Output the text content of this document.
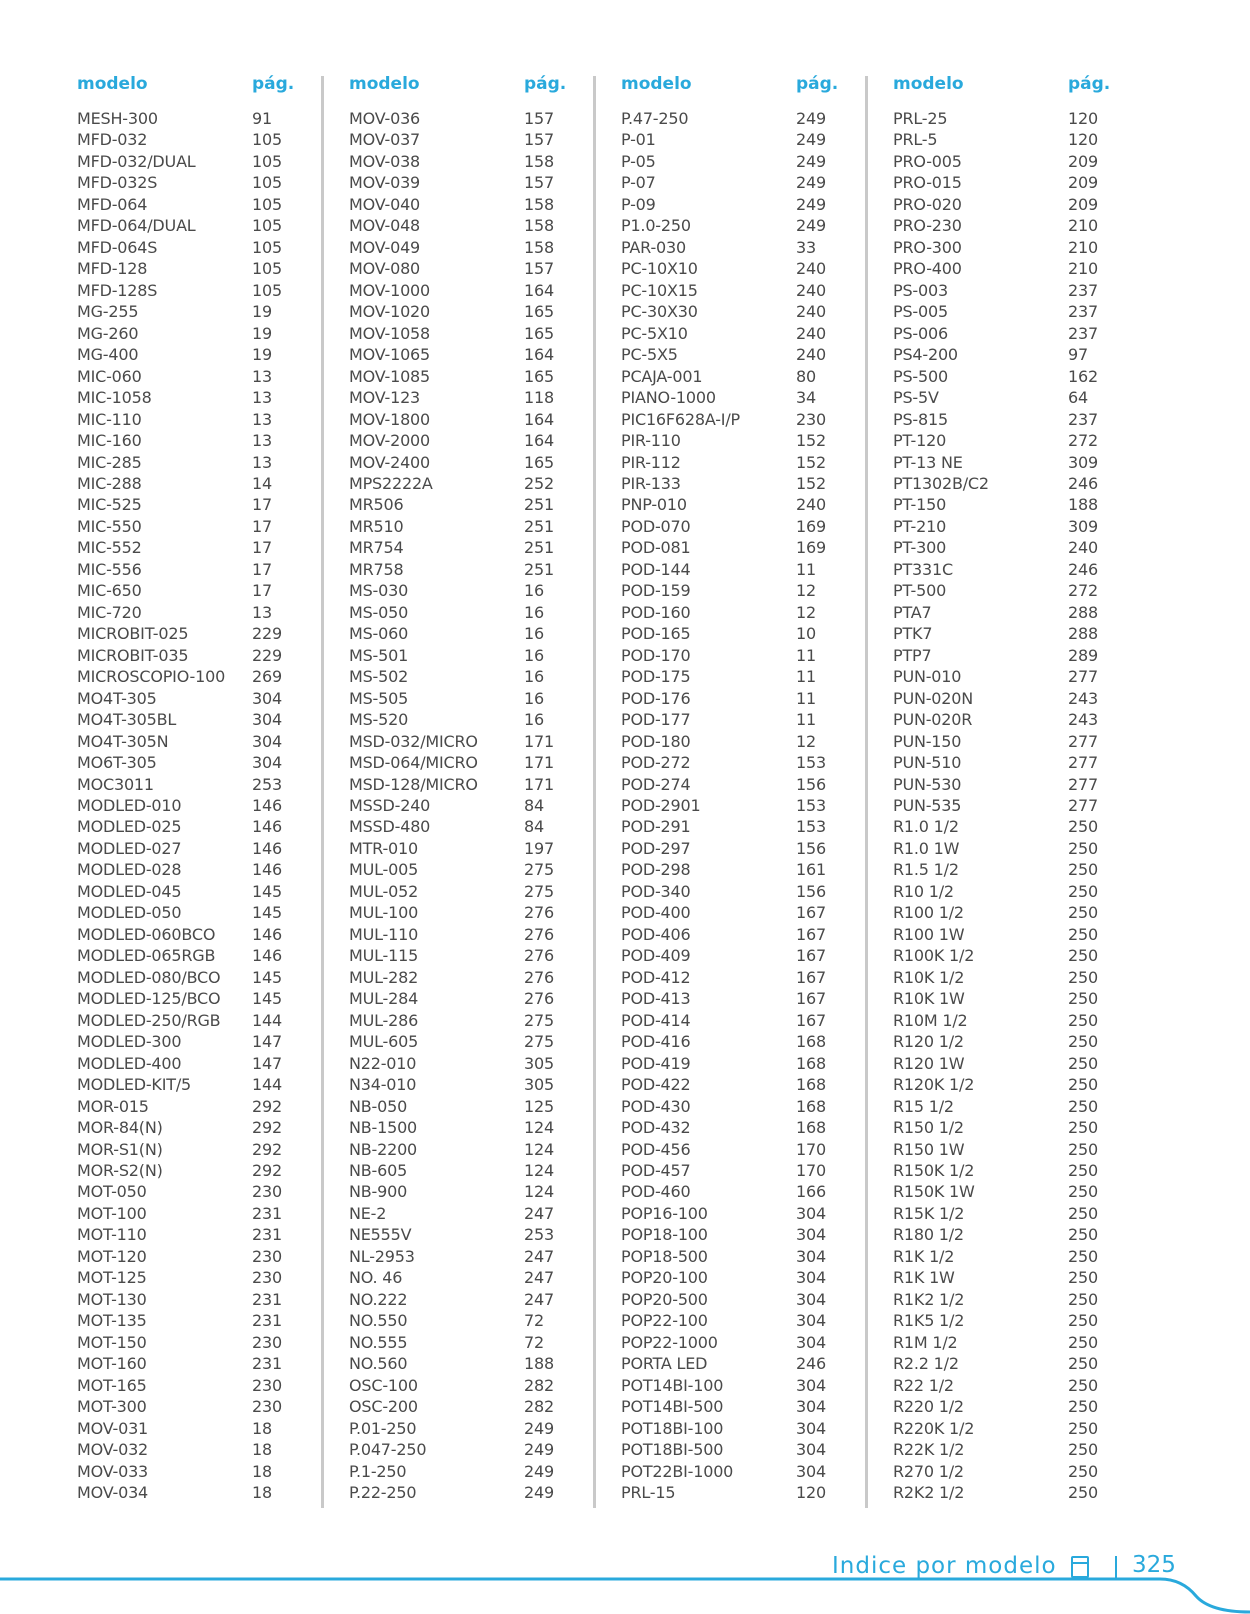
modelo	pág.
MESH-300	91
MFD-032	105
MFD-032/DUAL	105
MFD-032S	105
MFD-064	105
MFD-064/DUAL	105
MFD-064S	105
MFD-128	105
MFD-128S	105
MG-255	19
MG-260	19
MG-400	19
MIC-060	13
MIC-1058	13
MIC-110	13
MIC-160	13
MIC-285	13
MIC-288	14
MIC-525	17
MIC-550	17
MIC-552	17
MIC-556	17
MIC-650	17
MIC-720	13
MICROBIT-025	229
MICROBIT-035	229
MICROSCOPIO-100 269
MO4T-305	304
MO4T-305BL	304
MO4T-305N	304
MO6T-305	304
MOC3011	253
MODLED-010	146
MODLED-025	146
MODLED-027	146
MODLED-028	146
MODLED-045	145
MODLED-050	145
MODLED-060BCO 146
MODLED-065RGB 146
MODLED-080/BCO 145
MODLED-125/BCO 145
MODLED-250/RGB 144
MODLED-300	147
MODLED-400	147
MODLED-KIT/5	144
MOR-015	292
MOR-84(N)	292
MOR-S1(N)	292
MOR-S2(N)	292
MOT-050	230
MOT-100	231
MOT-110	231
MOT-120	230
MOT-125	230
MOT-130	231
MOT-135	231
MOT-150	230
MOT-160	231
MOT-165	230
MOT-300	230
MOV-031	18
MOV-032	18
MOV-033	18
MOV-034	18
modelo	pág.
MOV-036	157
MOV-037	157
MOV-038	158
MOV-039	157
MOV-040	158
MOV-048	158
MOV-049	158
MOV-080	157
MOV-1000	164
MOV-1020	165
MOV-1058	165
MOV-1065	164
MOV-1085	165
MOV-123	118
MOV-1800	164
MOV-2000	164
MOV-2400	165
MPS2222A	252
MR506	251
MR510	251
MR754	251
MR758	251
MS-030	16
MS-050	16
MS-060	16
MS-501	16
MS-502	16
MS-505	16
MS-520	16
MSD-032/MICRO	171
MSD-064/MICRO	171
MSD-128/MICRO	171
MSSD-240	84
MSSD-480	84
MTR-010	197
MUL-005	275
MUL-052	275
MUL-100	276
MUL-110	276
MUL-115	276
MUL-282	276
MUL-284	276
MUL-286	275
MUL-605	275
N22-010	305
N34-010	305
NB-050	125
NB-1500	124
NB-2200	124
NB-605	124
NB-900	124
NE-2	247
NE555V	253
NL-2953	247
NO. 46	247
NO.222	247
NO.550	72
NO.555	72
NO.560	188
OSC-100	282
OSC-200	282
P.01-250	249
P.047-250	249
P.1-250	249
P.22-250	249
modelo	pág.
P.47-250	249
P-01	249
P-05	249
P-07	249
P-09	249
P1.0-250	249
PAR-030	33
PC-10X10	240
PC-10X15	240
PC-30X30	240
PC-5X10	240
PC-5X5	240
PCAJA-001	80
PIANO-1000	34
PIC16F628A-I/P	230
PIR-110	152
PIR-112	152
PIR-133	152
PNP-010	240
POD-070	169
POD-081	169
POD-144	11
POD-159	12
POD-160	12
POD-165	10
POD-170	11
POD-175	11
POD-176	11
POD-177	11
POD-180	12
POD-272	153
POD-274	156
POD-2901	153
POD-291	153
POD-297	156
POD-298	161
POD-340	156
POD-400	167
POD-406	167
POD-409	167
POD-412	167
POD-413	167
POD-414	167
POD-416	168
POD-419	168
POD-422	168
POD-430	168
POD-432	168
POD-456	170
POD-457	170
POD-460	166
POP16-100	304
POP18-100	304
POP18-500	304
POP20-100	304
POP20-500	304
POP22-100	304
POP22-1000	304
PORTA LED	246
POT14BI-100	304
POT14BI-500	304
POT18BI-100	304
POT18BI-500	304
POT22BI-1000	304
PRL-15	120
modelo	pág.
PRL-25	120
PRL-5	120
PRO-005	209
PRO-015	209
PRO-020	209
PRO-230	210
PRO-300	210
PRO-400	210
PS-003	237
PS-005	237
PS-006	237
PS4-200	97
PS-500	162
PS-5V	64
PS-815	237
PT-120	272
PT-13 NE	309
PT1302B/C2	246
PT-150	188
PT-210	309
PT-300	240
PT331C	246
PT-500	272
PTA7	288
PTK7	288
PTP7	289
PUN-010	277
PUN-020N	243
PUN-020R	243
PUN-150	277
PUN-510	277
PUN-530	277
PUN-535	277
R1.0 1/2	250
R1.0 1W	250
R1.5 1/2	250
R10 1/2	250
R100 1/2	250
R100 1W	250
R100K 1/2	250
R10K 1/2	250
R10K 1W	250
R10M 1/2	250
R120 1/2	250
R120 1W	250
R120K 1/2	250
R15 1/2	250
R150 1/2	250
R150 1W	250
R150K 1/2	250
R150K 1W	250
R15K 1/2	250
R180 1/2	250
R1K 1/2	250
R1K 1W	250
R1K2 1/2	250
R1K5 1/2	250
R1M 1/2	250
R2.2 1/2	250
R22 1/2	250
R220 1/2	250
R220K 1/2	250
R22K 1/2	250
R270 1/2	250
R2K2 1/2	250
Indice por modelo	325
